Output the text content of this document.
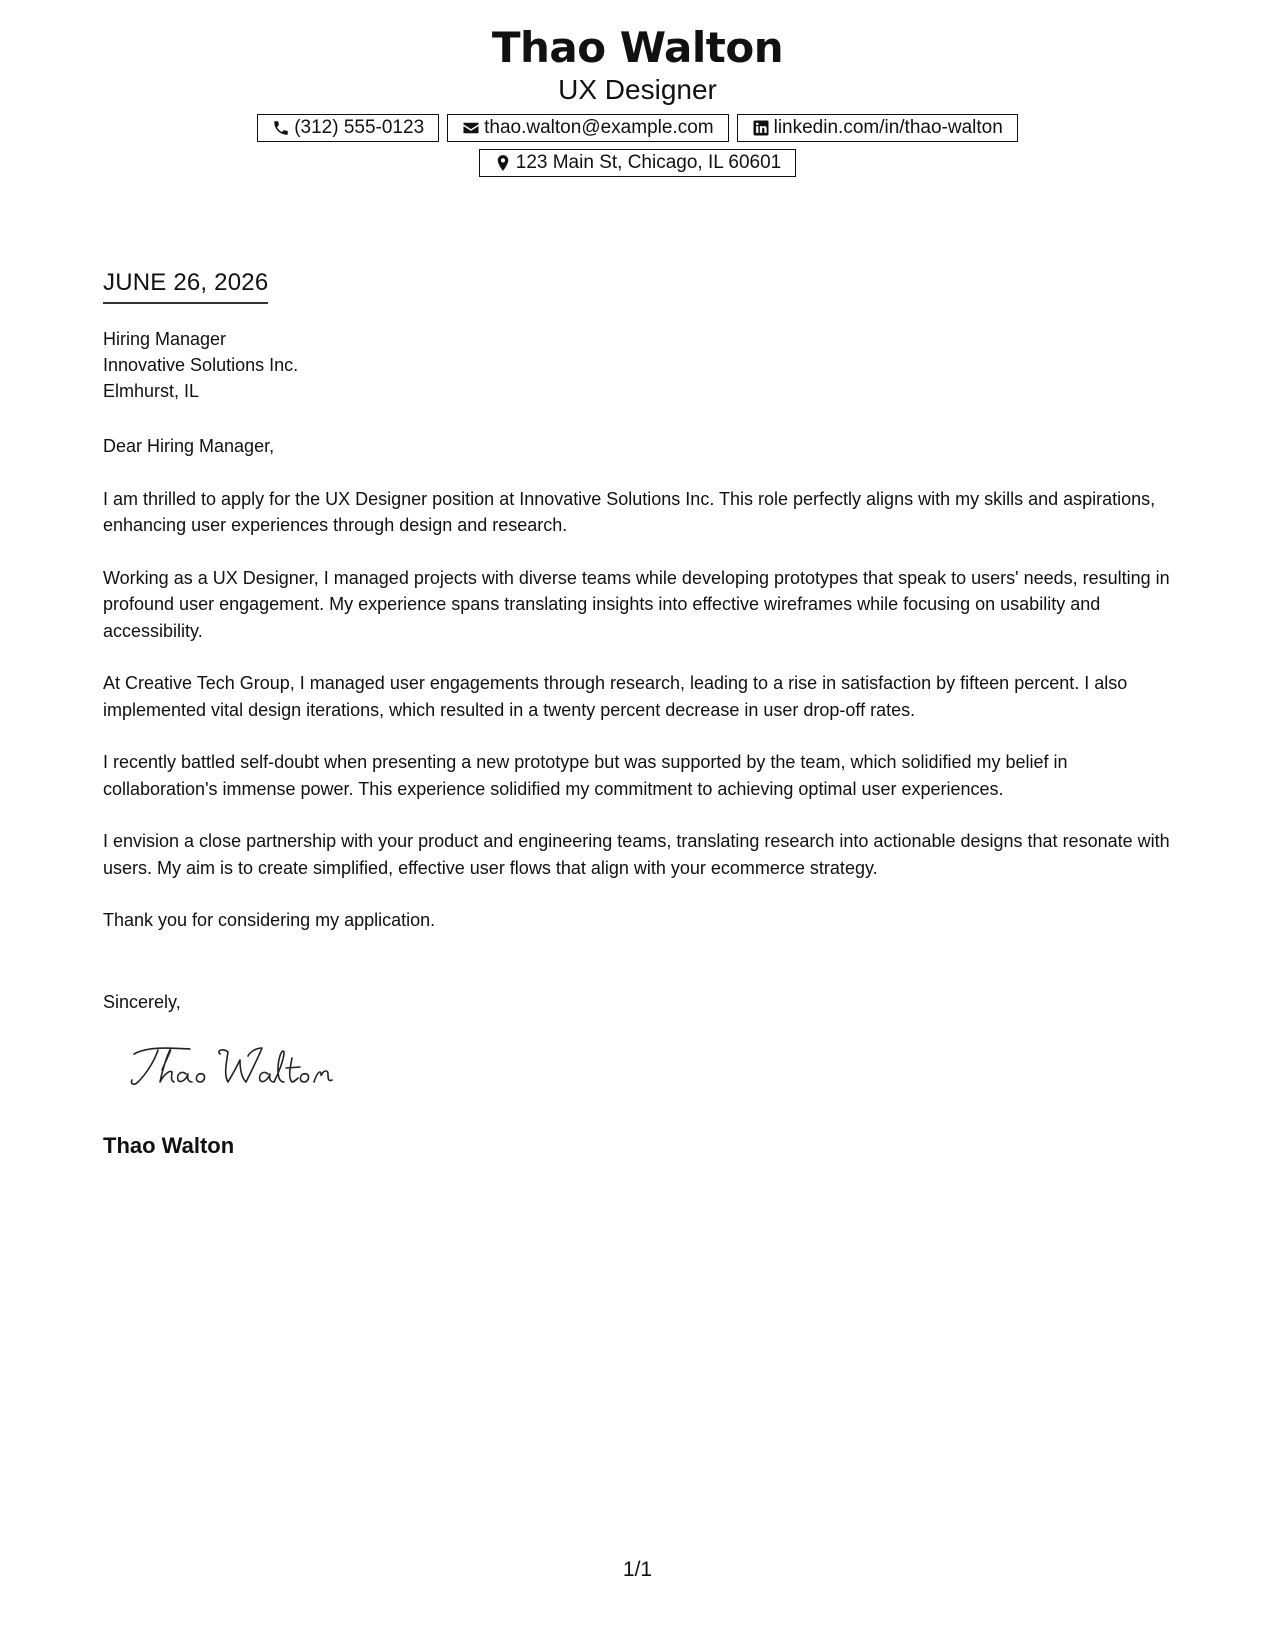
Thao Walton
UX Designer
(312) 555-0123	thao.walton@example.com	linkedin.com/in/thao-walton
123 Main St, Chicago, IL 60601
JUNE 26, 2026
Hiring Manager
Innovative Solutions Inc.
Elmhurst, IL

Dear Hiring Manager,

I am thrilled to apply for the UX Designer position at Innovative Solutions Inc. This role perfectly aligns with my skills and aspirations, enhancing user experiences through design and research.

Working as a UX Designer, I managed projects with diverse teams while developing prototypes that speak to users' needs, resulting in profound user engagement. My experience spans translating insights into effective wireframes while focusing on usability and accessibility.

At Creative Tech Group, I managed user engagements through research, leading to a rise in satisfaction by fifteen percent. I also implemented vital design iterations, which resulted in a twenty percent decrease in user drop-off rates.

I recently battled self-doubt when presenting a new prototype but was supported by the team, which solidified my belief in collaboration's immense power. This experience solidified my commitment to achieving optimal user experiences.

I envision a close partnership with your product and engineering teams, translating research into actionable designs that resonate with users. My aim is to create simplified, effective user flows that align with your ecommerce strategy.

Thank you for considering my application.

Sincerely,
Thao Walton
1/1
